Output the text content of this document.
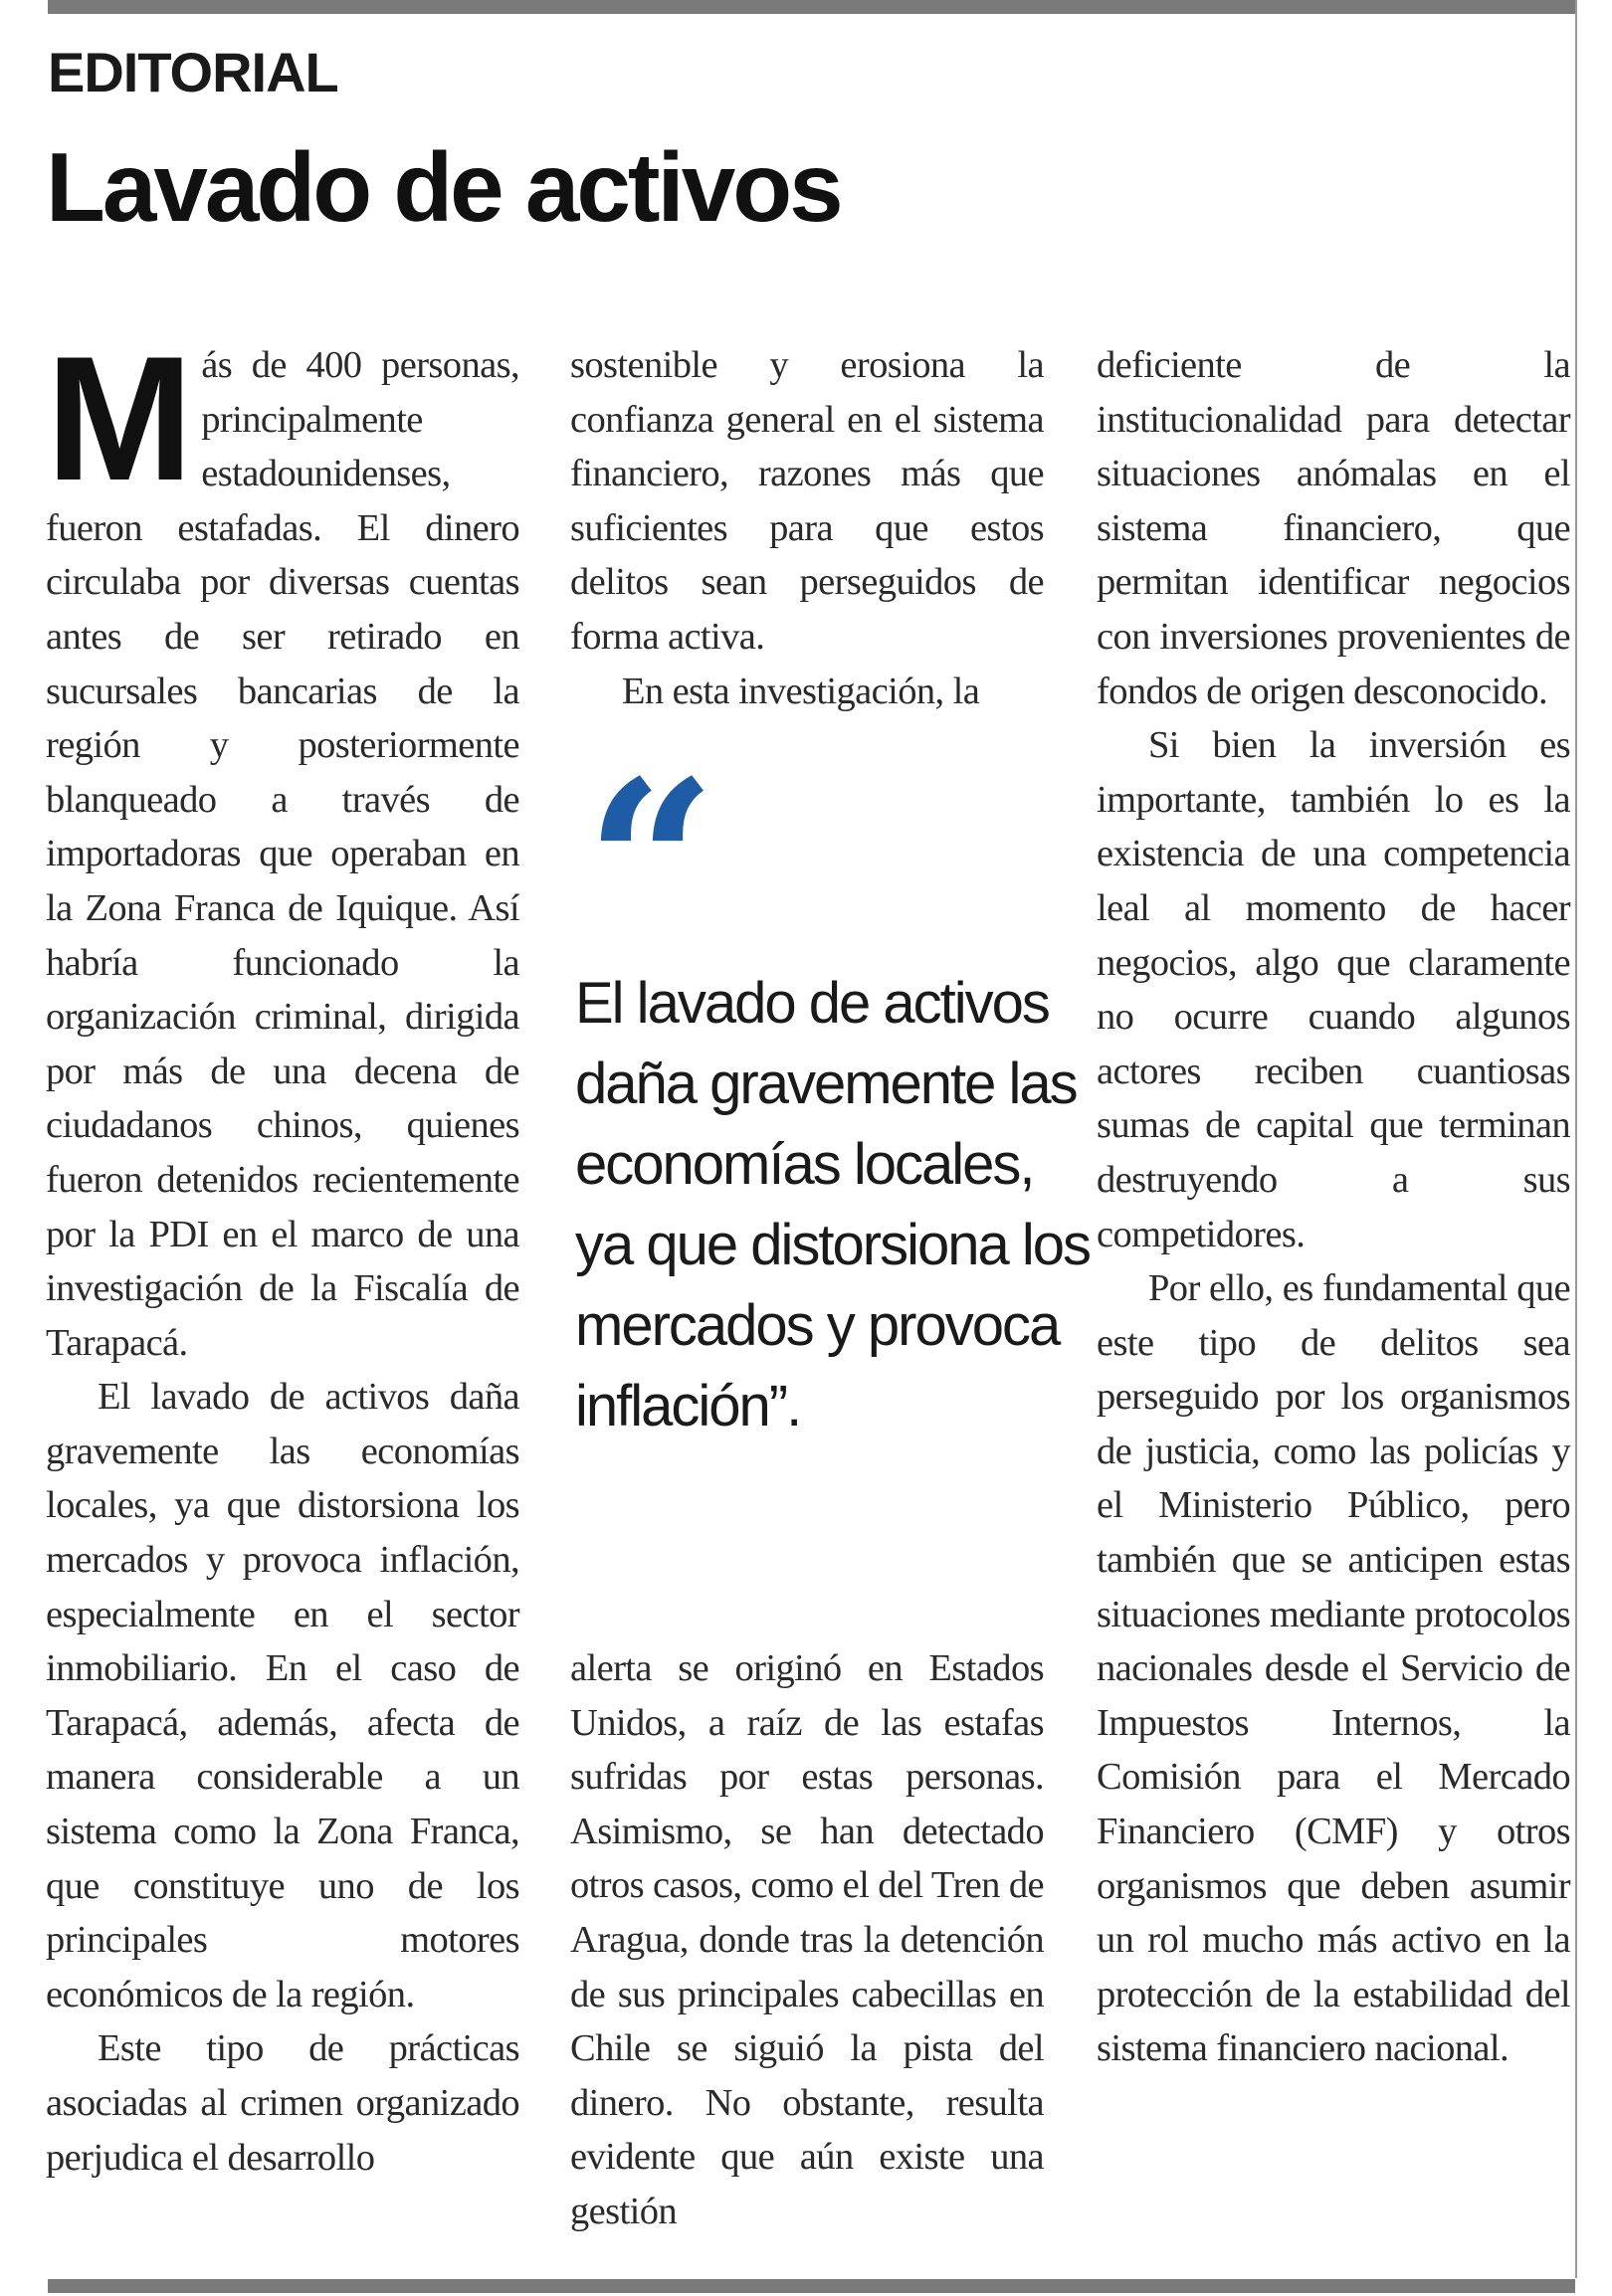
EDITORIAL
Lavado de activos

Más de 400 personas, principalmente estadounidenses, fueron estafadas. El dinero circulaba por diversas cuentas antes de ser retirado en sucursales bancarias de la región y posteriormente blanqueado a través de importadoras que operaban en la Zona Franca de Iquique. Así habría funcionado la organización criminal, dirigida por más de una decena de ciudadanos chinos, quienes fueron detenidos recientemente por la PDI en el marco de una investigación de la Fiscalía de Tarapacá.

El lavado de activos daña gravemente las economías locales, ya que distorsiona los mercados y provoca inflación, especialmente en el sector inmobiliario. En el caso de Tarapacá, además, afecta de manera considerable a un sistema como la Zona Franca, que constituye uno de los principales motores económicos de la región.

Este tipo de prácticas asociadas al crimen organizado perjudica el desarrollo

sostenible y erosiona la confianza general en el sistema financiero, razones más que suficientes para que estos delitos sean perseguidos de forma activa.

En esta investigación, la

“
El lavado de activos daña gravemente las economías locales, ya que distorsiona los mercados y provoca inflación”.

alerta se originó en Estados Unidos, a raíz de las estafas sufridas por estas personas. Asimismo, se han detectado otros casos, como el del Tren de Aragua, donde tras la detención de sus principales cabecillas en Chile se siguió la pista del dinero. No obstante, resulta evidente que aún existe una gestión

deficiente de la institucionalidad para detectar situaciones anómalas en el sistema financiero, que permitan identificar negocios con inversiones provenientes de fondos de origen desconocido.

Si bien la inversión es importante, también lo es la existencia de una competencia leal al momento de hacer negocios, algo que claramente no ocurre cuando algunos actores reciben cuantiosas sumas de capital que terminan destruyendo a sus competidores.

Por ello, es fundamental que este tipo de delitos sea perseguido por los organismos de justicia, como las policías y el Ministerio Público, pero también que se anticipen estas situaciones mediante protocolos nacionales desde el Servicio de Impuestos Internos, la Comisión para el Mercado Financiero (CMF) y otros organismos que deben asumir un rol mucho más activo en la protección de la estabilidad del sistema financiero nacional.
